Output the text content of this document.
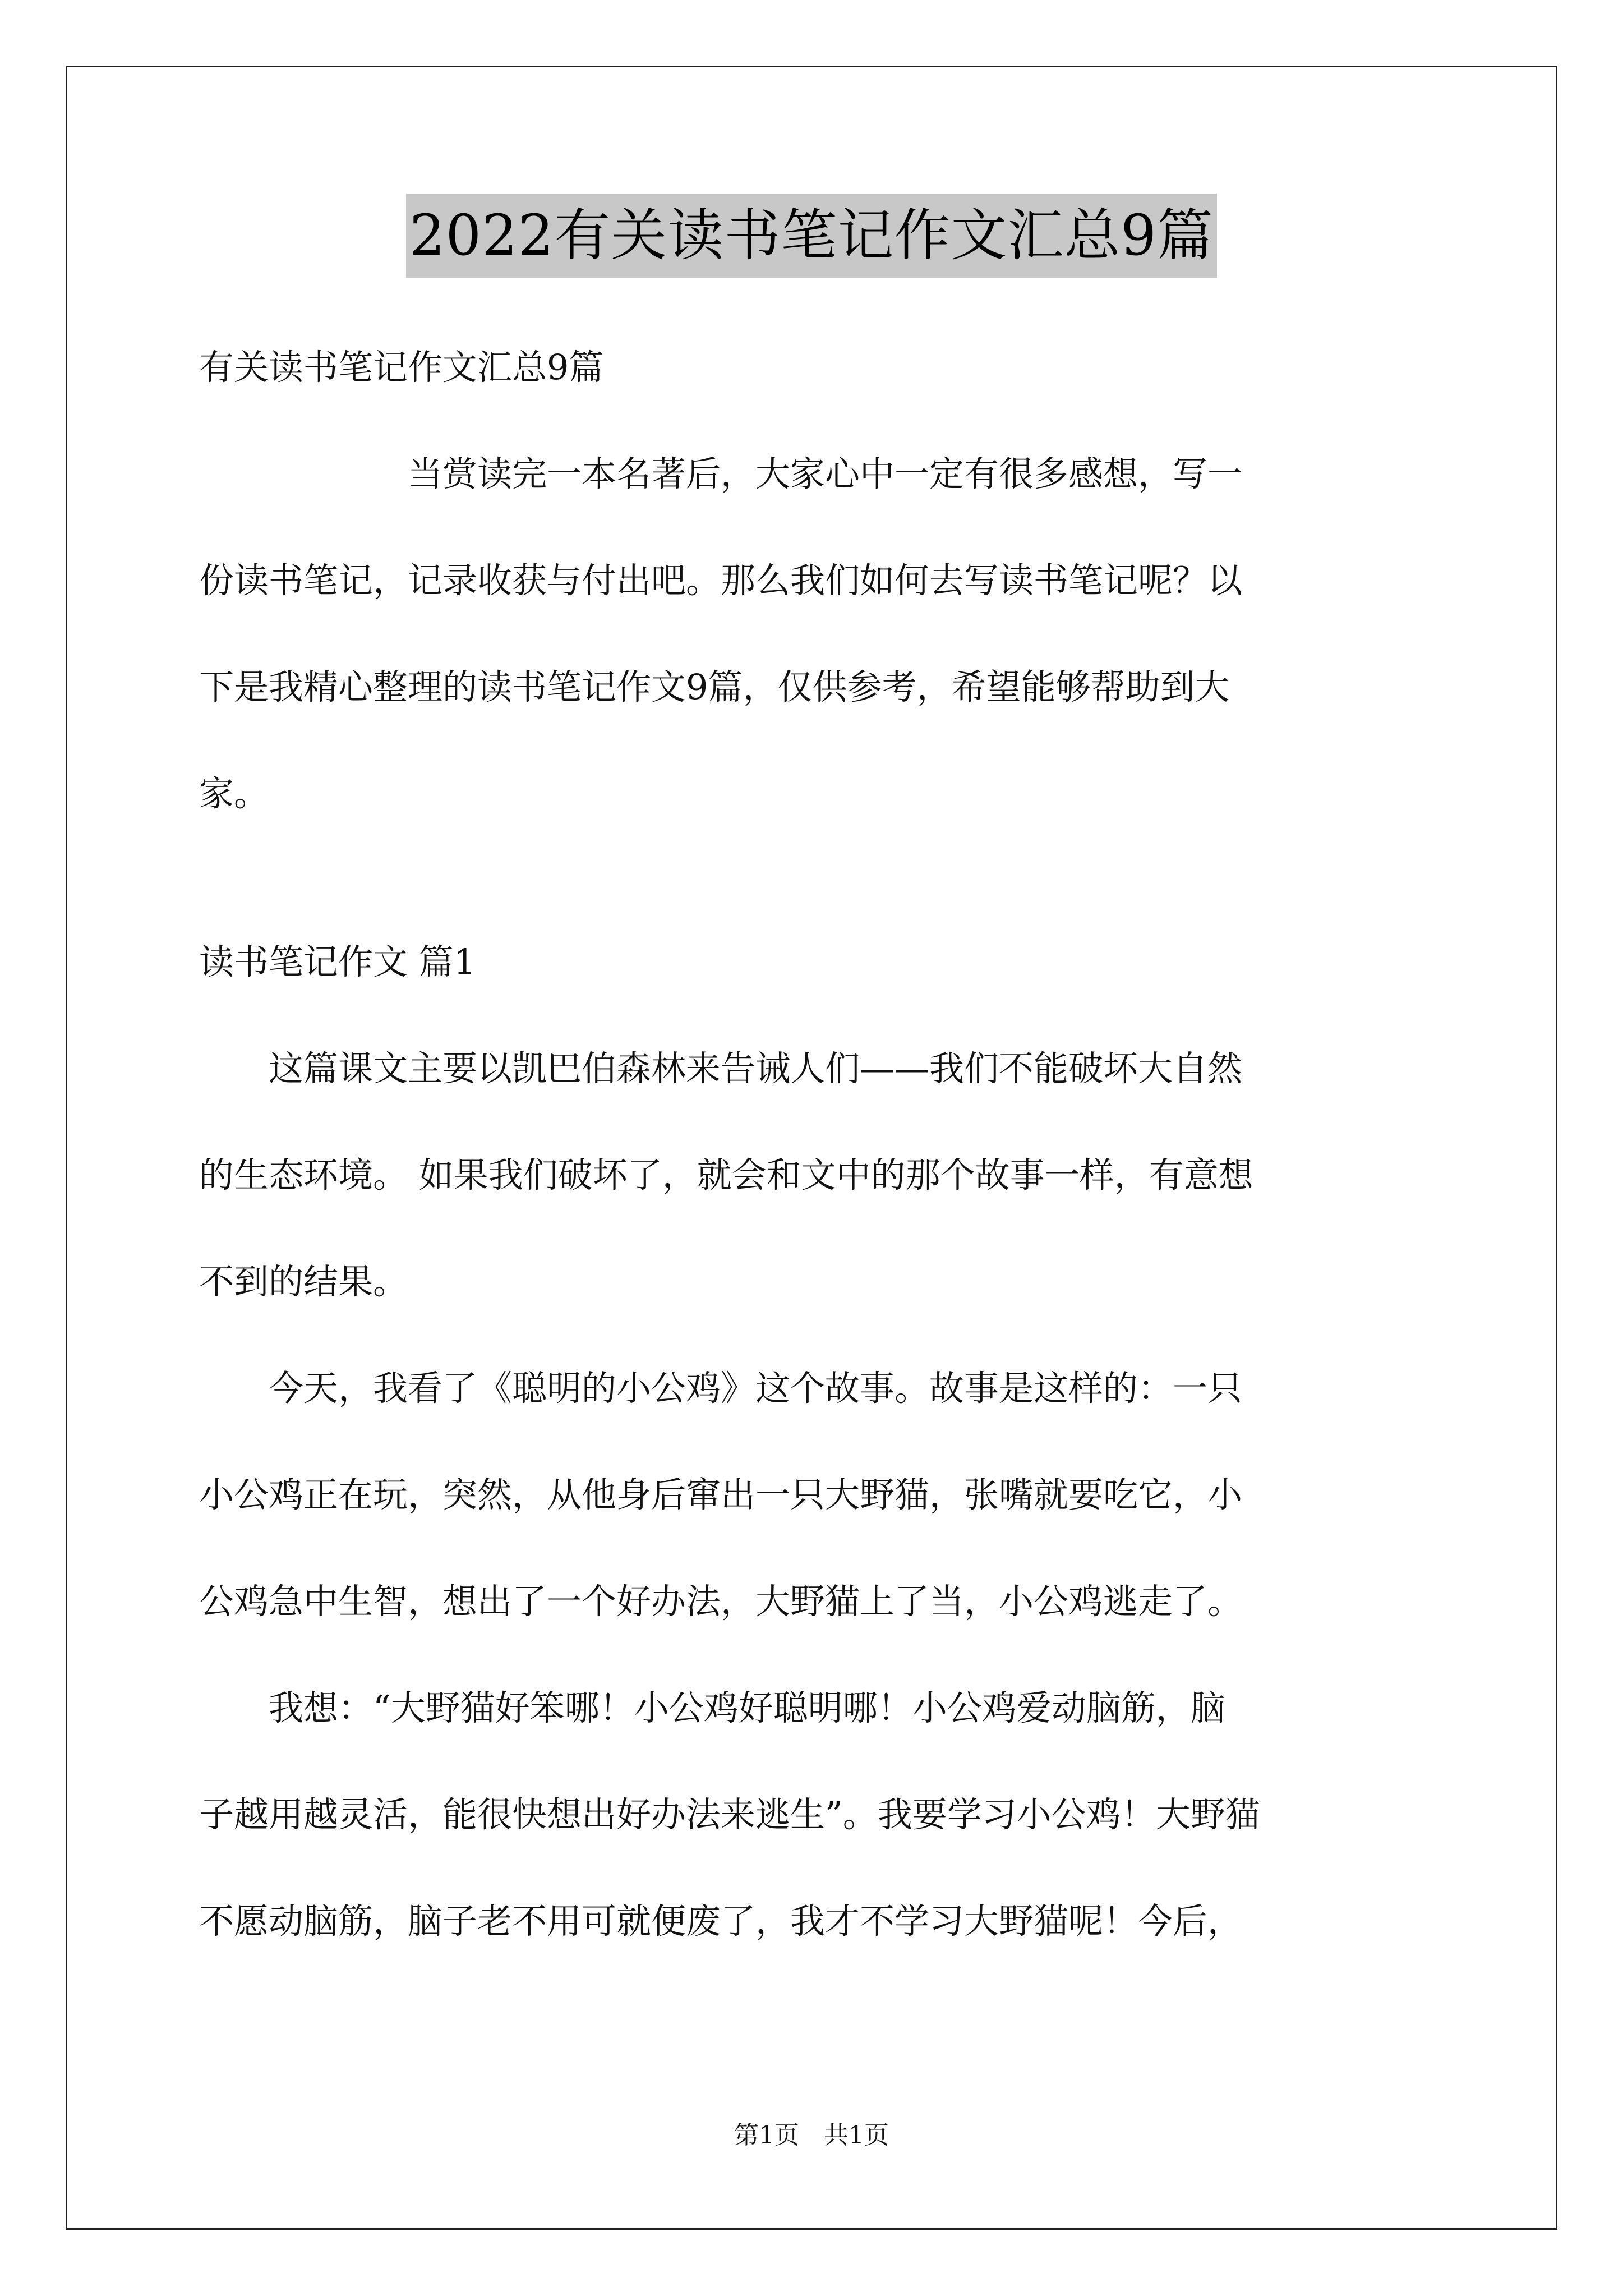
2022有关读书笔记作文汇总9篇

有关读书笔记作文汇总9篇

　　　　　　当赏读完一本名著后，大家心中一定有很多感想，写一

份读书笔记，记录收获与付出吧。那么我们如何去写读书笔记呢？以

下是我精心整理的读书笔记作文9篇，仅供参考，希望能够帮助到大

家。

读书笔记作文 篇1

　　这篇课文主要以凯巴伯森林来告诫人们——我们不能破坏大自然

的生态环境。 如果我们破坏了，就会和文中的那个故事一样，有意想

不到的结果。

　　今天，我看了《聪明的小公鸡》这个故事。故事是这样的：一只

小公鸡正在玩，突然，从他身后窜出一只大野猫，张嘴就要吃它，小

公鸡急中生智，想出了一个好办法，大野猫上了当，小公鸡逃走了。

　　我想：“大野猫好笨哪！小公鸡好聪明哪！小公鸡爱动脑筋，脑

子越用越灵活，能很快想出好办法来逃生”。我要学习小公鸡！大野猫

不愿动脑筋，脑子老不用可就便废了，我才不学习大野猫呢！今后，

第1页　共1页
